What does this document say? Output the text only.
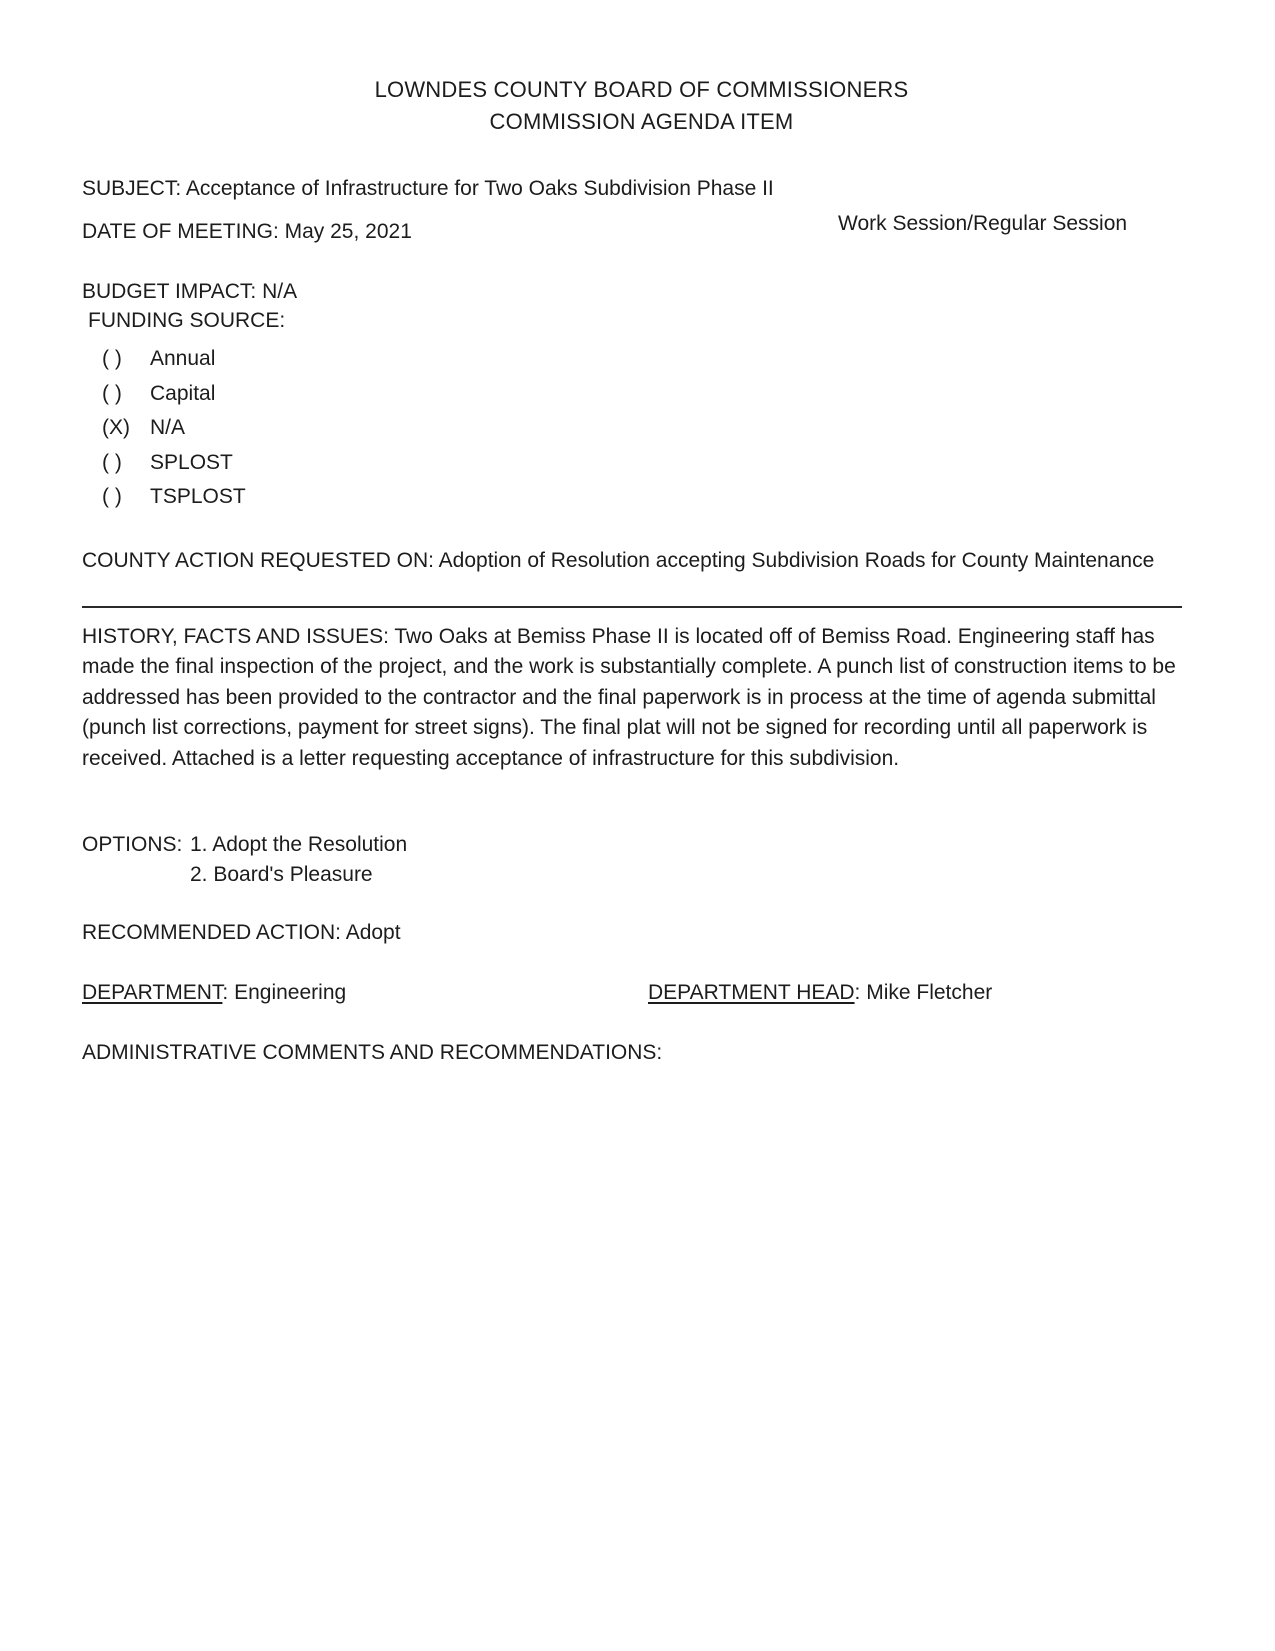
LOWNDES COUNTY BOARD OF COMMISSIONERS
COMMISSION AGENDA ITEM
SUBJECT: Acceptance of Infrastructure for Two Oaks Subdivision Phase II
DATE OF MEETING: May 25, 2021	Work Session/Regular Session
BUDGET IMPACT: N/A
FUNDING SOURCE:
( ) Annual
( ) Capital
(X) N/A
( ) SPLOST
( ) TSPLOST
COUNTY ACTION REQUESTED ON: Adoption of Resolution accepting Subdivision Roads for County Maintenance
HISTORY, FACTS AND ISSUES: Two Oaks at Bemiss Phase II is located off of Bemiss Road. Engineering staff has made the final inspection of the project, and the work is substantially complete. A punch list of construction items to be addressed has been provided to the contractor and the final paperwork is in process at the time of agenda submittal (punch list corrections, payment for street signs). The final plat will not be signed for recording until all paperwork is received. Attached is a letter requesting acceptance of infrastructure for this subdivision.
OPTIONS: 1. Adopt the Resolution
2. Board's Pleasure
RECOMMENDED ACTION: Adopt
DEPARTMENT: Engineering	DEPARTMENT HEAD: Mike Fletcher
ADMINISTRATIVE COMMENTS AND RECOMMENDATIONS:
